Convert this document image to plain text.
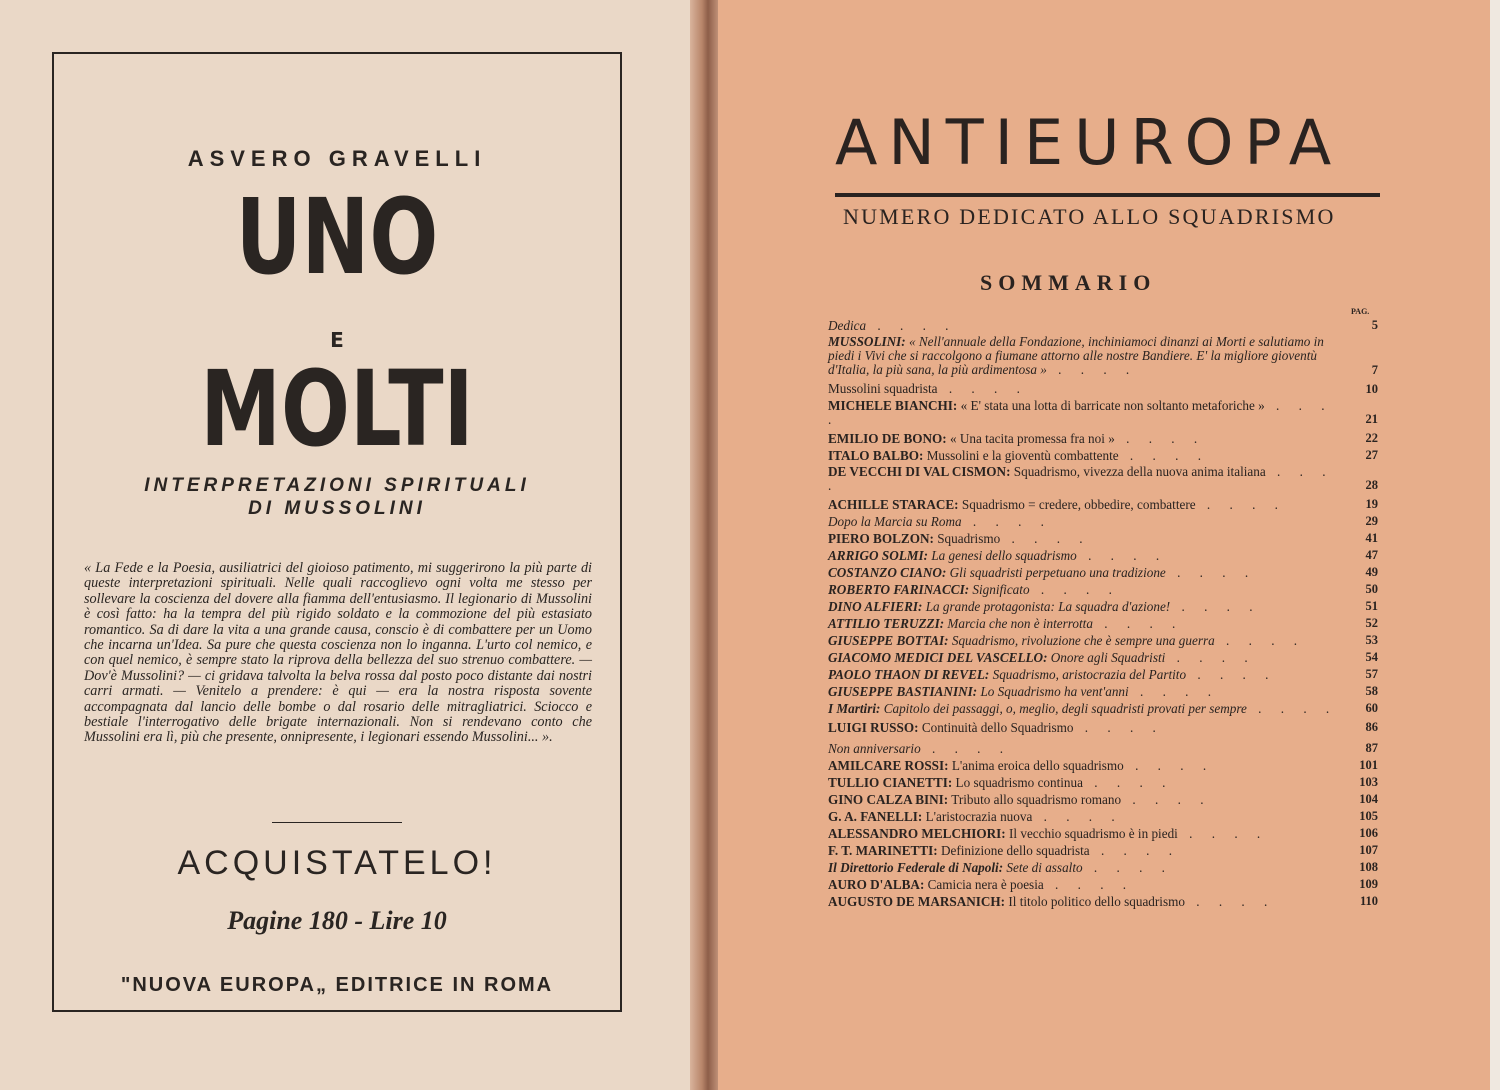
ASVERO GRAVELLI
UNO
E
MOLTI
INTERPRETAZIONI SPIRITUALI
DI MUSSOLINI
« La Fede e la Poesia, ausiliatrici del gioioso patimento, mi suggerirono la più parte di queste interpretazioni spirituali. Nelle quali raccoglievo ogni volta me stesso per sollevare la coscienza del dovere alla fiamma dell'entusiasmo. Il legionario di Mussolini è così fatto: ha la tempra del più rigido soldato e la commozione del più estasiato romantico. Sa di dare la vita a una grande causa, conscio è di combattere per un Uomo che incarna un'Idea. Sa pure che questa coscienza non lo inganna. L'urto col nemico, e con quel nemico, è sempre stato la riprova della bellezza del suo strenuo combattere. — Dov'è Mussolini? — ci gridava talvolta la belva rossa dal posto poco distante dai nostri carri armati. — Venitelo a prendere: è qui — era la nostra risposta sovente accompagnata dal lancio delle bombe o dal rosario delle mitragliatrici. Sciocco e bestiale l'interrogativo delle brigate internazionali. Non si rendevano conto che Mussolini era lì, più che presente, onnipresente, i legionari essendo Mussolini... ».
ACQUISTATELO!
Pagine 180 - Lire 10
"NUOVA EUROPA„ EDITRICE IN ROMA
ANTIEUROPA
NUMERO DEDICATO ALLO SQUADRISMO
SOMMARIO
PAG.
Dedica . . . .	5
MUSSOLINI: « Nell'annuale della Fondazione, inchiniamoci dinanzi ai Morti e salutiamo in piedi i Vivi che si raccolgono a fiumane attorno alle nostre Bandiere. E' la migliore gioventù d'Italia, la più sana, la più ardimentosa » . . . .	7
Mussolini squadrista . . . .	10
MICHELE BIANCHI: « E' stata una lotta di barricate non soltanto metaforiche » . . . .	21
EMILIO DE BONO: « Una tacita promessa fra noi » . . . .	22
ITALO BALBO: Mussolini e la gioventù combattente . . . .	27
DE VECCHI DI VAL CISMON: Squadrismo, vivezza della nuova anima italiana . . . .	28
ACHILLE STARACE: Squadrismo = credere, obbedire, combattere . . . .	19
Dopo la Marcia su Roma . . . .	29
PIERO BOLZON: Squadrismo . . . .	41
ARRIGO SOLMI: La genesi dello squadrismo . . . .	47
COSTANZO CIANO: Gli squadristi perpetuano una tradizione . . . .	49
ROBERTO FARINACCI: Significato . . . .	50
DINO ALFIERI: La grande protagonista: La squadra d'azione! . . . .	51
ATTILIO TERUZZI: Marcia che non è interrotta . . . .	52
GIUSEPPE BOTTAI: Squadrismo, rivoluzione che è sempre una guerra . . . .	53
GIACOMO MEDICI DEL VASCELLO: Onore agli Squadristi . . . .	54
PAOLO THAON DI REVEL: Squadrismo, aristocrazia del Partito . . . .	57
GIUSEPPE BASTIANINI: Lo Squadrismo ha vent'anni . . . .	58
I Martiri: Capitolo dei passaggi, o, meglio, degli squadristi provati per sempre . . . .	60
LUIGI RUSSO: Continuità dello Squadrismo . . . .	86
Non anniversario . . . .	87
AMILCARE ROSSI: L'anima eroica dello squadrismo . . . .	101
TULLIO CIANETTI: Lo squadrismo continua . . . .	103
GINO CALZA BINI: Tributo allo squadrismo romano . . . .	104
G. A. FANELLI: L'aristocrazia nuova . . . .	105
ALESSANDRO MELCHIORI: Il vecchio squadrismo è in piedi . . . .	106
F. T. MARINETTI: Definizione dello squadrista . . . .	107
Il Direttorio Federale di Napoli: Sete di assalto . . . .	108
AURO D'ALBA: Camicia nera è poesia . . . .	109
AUGUSTO DE MARSANICH: Il titolo politico dello squadrismo . . . .	110
